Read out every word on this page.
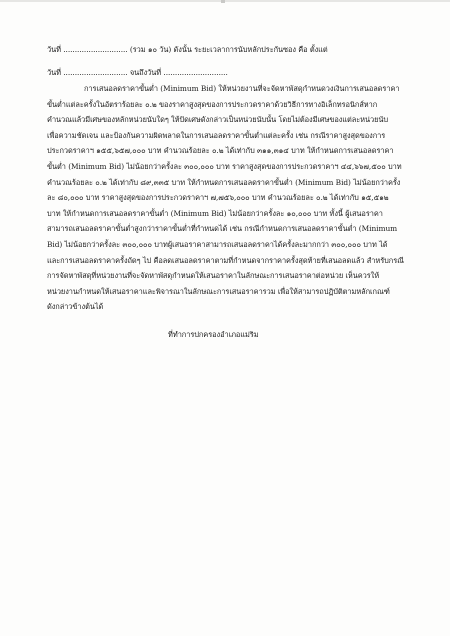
วันที่ ............................ (รวม ๑๐ วัน) ดังนั้น ระยะเวลาการนับหลักประกันซอง คือ ตั้งแต่
วันที่ ............................ จนถึงวันที่ ............................
การเสนอลดราคาขั้นต่ำ (Minimum Bid) ให้หน่วยงานที่จะจัดหาพัสดุกำหนดวงเงินการเสนอลดราคา
ขั้นต่ำแต่ละครั้งในอัตราร้อยละ ๐.๒ ของราคาสูงสุดของการประกวดราคาด้วยวิธีการทางอิเล็กทรอนิกส์หาก
คำนวณแล้วมีเศษของหลักหน่วยนับใดๆ ให้ปัดเศษดังกล่าวเป็นหน่วยนับนั้น โดยไม่ต้องมีเศษของแต่ละหน่วยนับ
เพื่อความชัดเจน และป้องกันความผิดพลาดในการเสนอลดราคาขั้นต่ำแต่ละครั้ง เช่น กรณีราคาสูงสุดของการ
ประกวดราคาฯ ๑๕๕,๖๕๗,๐๐๐ บาท คำนวณร้อยละ ๐.๒ ได้เท่ากับ ๓๑๑,๓๑๔ บาท ให้กำหนดการเสนอลดราคา
ขั้นต่ำ (Minimum Bid) ไม่น้อยกว่าครั้งละ ๓๐๐,๐๐๐ บาท ราคาสูงสุดของการประกวดราคาฯ ๔๔,๖๖๗,๕๐๐ บาท
คำนวณร้อยละ ๐.๒ ได้เท่ากับ ๘๙,๓๓๕ บาท ให้กำหนดการเสนอลดราคาขั้นต่ำ (Minimum Bid) ไม่น้อยกว่าครั้ง
ละ ๘๐,๐๐๐ บาท ราคาสูงสุดของการประกวดราคาฯ ๗,๗๕๖,๐๐๐ บาท คำนวณร้อยละ ๐.๒ ได้เท่ากับ ๑๕,๕๑๒
บาท ให้กำหนดการเสนอลดราคาขั้นต่ำ (Minimum Bid) ไม่น้อยกว่าครั้งละ ๑๐,๐๐๐ บาท ทั้งนี้ ผู้เสนอราคา
สามารถเสนอลดราคาขั้นต่ำสูงกว่าราคาขั้นต่ำที่กำหนดได้ เช่น กรณีกำหนดการเสนอลดราคาขั้นต่ำ (Minimum
Bid) ไม่น้อยกว่าครั้งละ ๓๐๐,๐๐๐ บาทผู้เสนอราคาสามารถเสนอลดราคาได้ครั้งละมากกว่า ๓๐๐,๐๐๐ บาท ได้
และการเสนอลดราคาครั้งถัดๆ ไป คือลดเสนอลดราคาตามที่กำหนดจากราคาครั้งสุดท้ายที่เสนอลดแล้ว สำหรับกรณี
การจัดหาพัสดุที่หน่วยงานที่จะจัดหาพัสดุกำหนดให้เสนอราคาในลักษณะการเสนอราคาต่อหน่วย เห็นควรให้
หน่วยงานกำหนดให้เสนอราคาและพิจารณาในลักษณะการเสนอราคารวม เพื่อให้สามารถปฏิบัติตามหลักเกณฑ์
ดังกล่าวข้างต้นได้
ที่ทำการปกครองอำเภอแม่ริม
